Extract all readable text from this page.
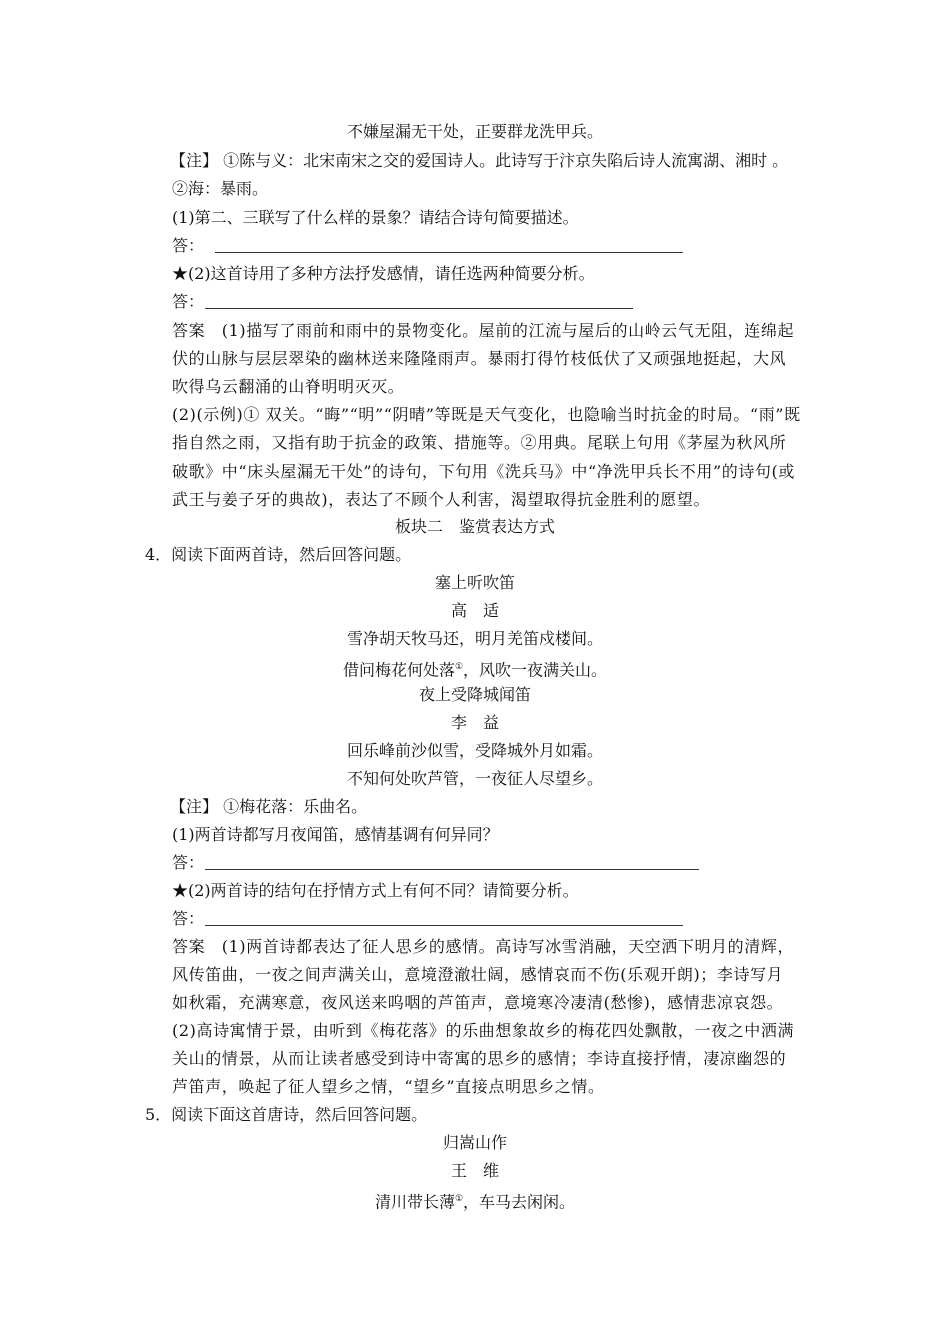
不嫌屋漏无干处，正要群龙洗甲兵。
【注】 ①陈与义：北宋南宋之交的爱国诗人。此诗写于汴京失陷后诗人流寓湖、湘时 。
②海：暴雨。
(1)第二、三联写了什么样的景象？请结合诗句简要描述。
答：
★(2)这首诗用了多种方法抒发感情，请任选两种简要分析。
答：
答案　(1)描写了雨前和雨中的景物变化。屋前的江流与屋后的山岭云气无阻，连绵起
伏的山脉与层层翠染的幽林送来隆隆雨声。暴雨打得竹枝低伏了又顽强地挺起，大风
吹得乌云翻涌的山脊明明灭灭。
(2)(示例)① 双关。“晦”“明”“阴晴”等既是天气变化，也隐喻当时抗金的时局。“雨”既
指自然之雨，又指有助于抗金的政策、措施等。②用典。尾联上句用《茅屋为秋风所
破歌》中“床头屋漏无干处”的诗句，下句用《洗兵马》中“净洗甲兵长不用”的诗句(或
武王与姜子牙的典故)，表达了不顾个人利害，渴望取得抗金胜利的愿望。
板块二　鉴赏表达方式
4．阅读下面两首诗，然后回答问题。
塞上听吹笛
高 适
雪净胡天牧马还，明月羌笛戍楼间。
借问梅花何处落①，风吹一夜满关山。
夜上受降城闻笛
李 益
回乐峰前沙似雪，受降城外月如霜。
不知何处吹芦管，一夜征人尽望乡。
【注】 ①梅花落：乐曲名。
(1)两首诗都写月夜闻笛，感情基调有何异同？
答：
★(2)两首诗的结句在抒情方式上有何不同？请简要分析。
答：
答案　(1)两首诗都表达了征人思乡的感情。高诗写冰雪消融，天空洒下明月的清辉，
风传笛曲，一夜之间声满关山，意境澄澈壮阔，感情哀而不伤(乐观开朗)；李诗写月
如秋霜，充满寒意，夜风送来呜咽的芦笛声，意境寒冷凄清(愁惨)，感情悲凉哀怨。
(2)高诗寓情于景，由听到《梅花落》的乐曲想象故乡的梅花四处飘散，一夜之中洒满
关山的情景，从而让读者感受到诗中寄寓的思乡的感情；李诗直接抒情，凄凉幽怨的
芦笛声，唤起了征人望乡之情，“望乡”直接点明思乡之情。
5．阅读下面这首唐诗，然后回答问题。
归嵩山作
王 维
清川带长薄①，车马去闲闲。
